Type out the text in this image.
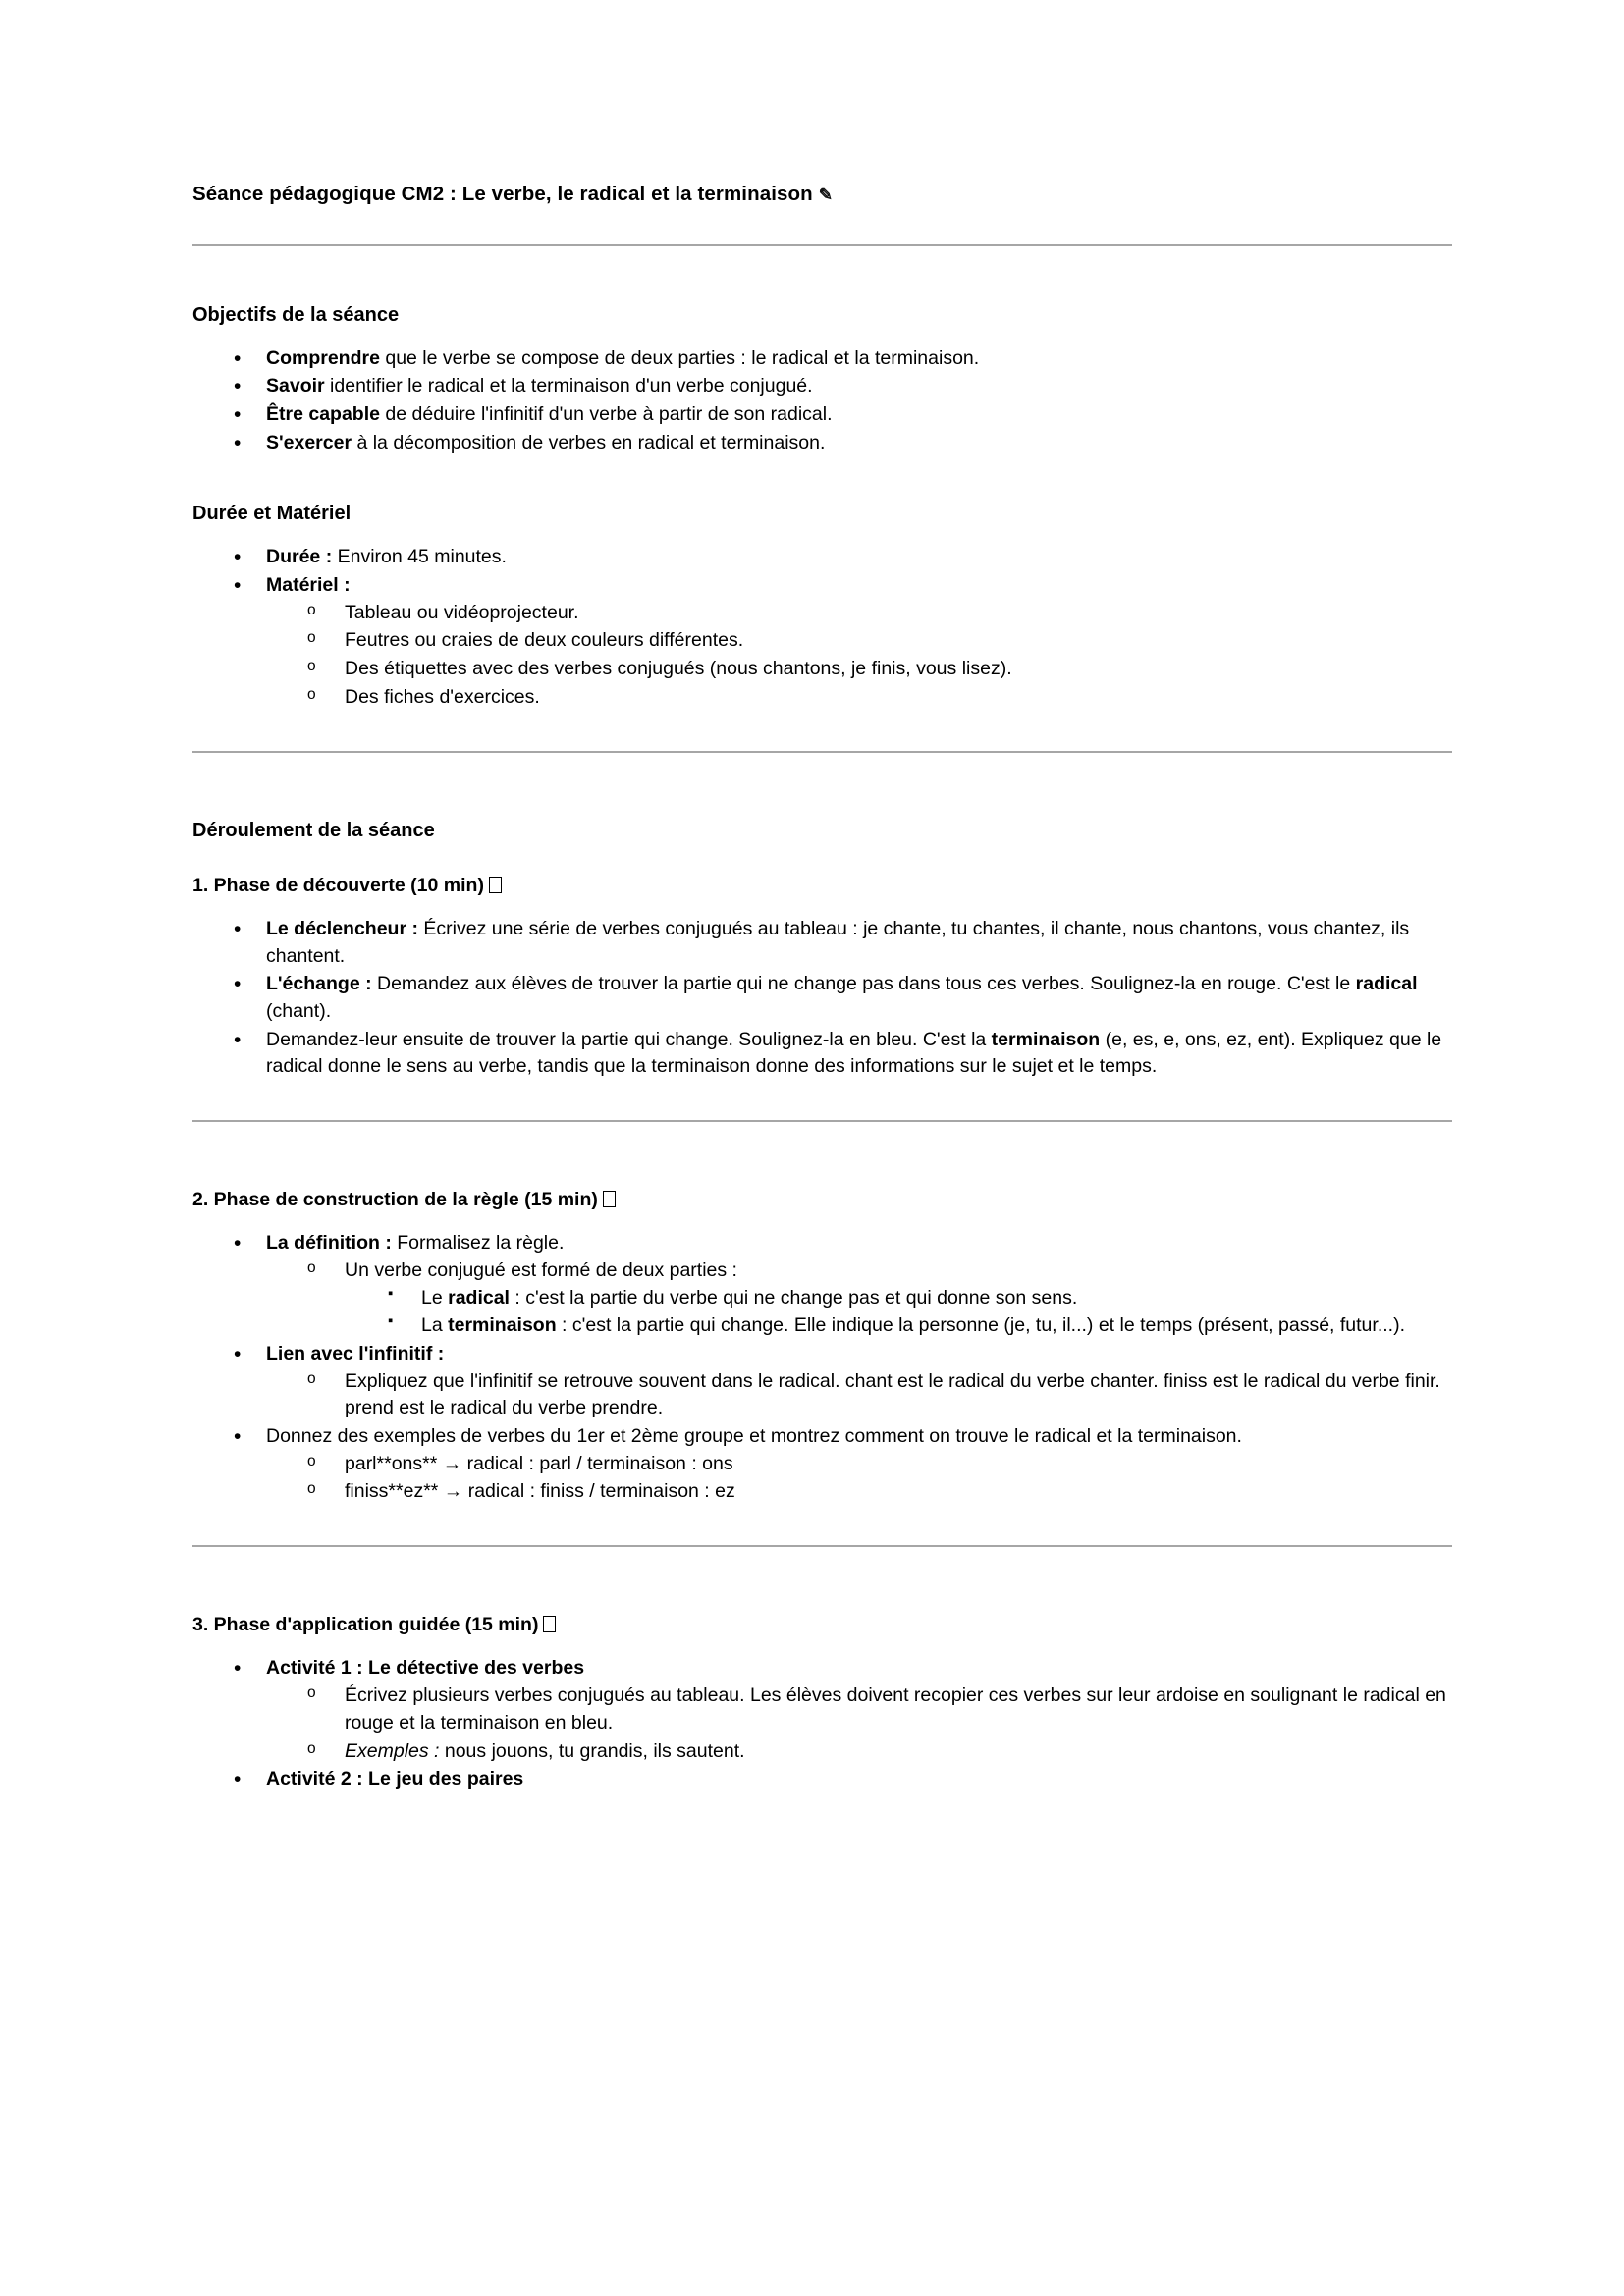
Séance pédagogique CM2 : Le verbe, le radical et la terminaison ✎
Objectifs de la séance
• Comprendre que le verbe se compose de deux parties : le radical et la terminaison.
• Savoir identifier le radical et la terminaison d'un verbe conjugué.
• Être capable de déduire l'infinitif d'un verbe à partir de son radical.
• S'exercer à la décomposition de verbes en radical et terminaison.
Durée et Matériel
• Durée : Environ 45 minutes.
• Matériel :
o Tableau ou vidéoprojecteur.
o Feutres ou craies de deux couleurs différentes.
o Des étiquettes avec des verbes conjugués (nous chantons, je finis, vous lisez).
o Des fiches d'exercices.
Déroulement de la séance
1. Phase de découverte (10 min)
• Le déclencheur : Écrivez une série de verbes conjugués au tableau : je chante, tu chantes, il chante, nous chantons, vous chantez, ils chantent.
• L'échange : Demandez aux élèves de trouver la partie qui ne change pas dans tous ces verbes. Soulignez-la en rouge. C'est le radical (chant).
• Demandez-leur ensuite de trouver la partie qui change. Soulignez-la en bleu. C'est la terminaison (e, es, e, ons, ez, ent). Expliquez que le radical donne le sens au verbe, tandis que la terminaison donne des informations sur le sujet et le temps.
2. Phase de construction de la règle (15 min)
• La définition : Formalisez la règle.
o Un verbe conjugué est formé de deux parties :
▪ Le radical : c'est la partie du verbe qui ne change pas et qui donne son sens.
▪ La terminaison : c'est la partie qui change. Elle indique la personne (je, tu, il...) et le temps (présent, passé, futur...).
• Lien avec l'infinitif :
o Expliquez que l'infinitif se retrouve souvent dans le radical. chant est le radical du verbe chanter. finiss est le radical du verbe finir. prend est le radical du verbe prendre.
• Donnez des exemples de verbes du 1er et 2ème groupe et montrez comment on trouve le radical et la terminaison.
o parl**ons** → radical : parl / terminaison : ons
o finiss**ez** → radical : finiss / terminaison : ez
3. Phase d'application guidée (15 min)
• Activité 1 : Le détective des verbes
o Écrivez plusieurs verbes conjugués au tableau. Les élèves doivent recopier ces verbes sur leur ardoise en soulignant le radical en rouge et la terminaison en bleu.
o Exemples : nous jouons, tu grandis, ils sautent.
• Activité 2 : Le jeu des paires
